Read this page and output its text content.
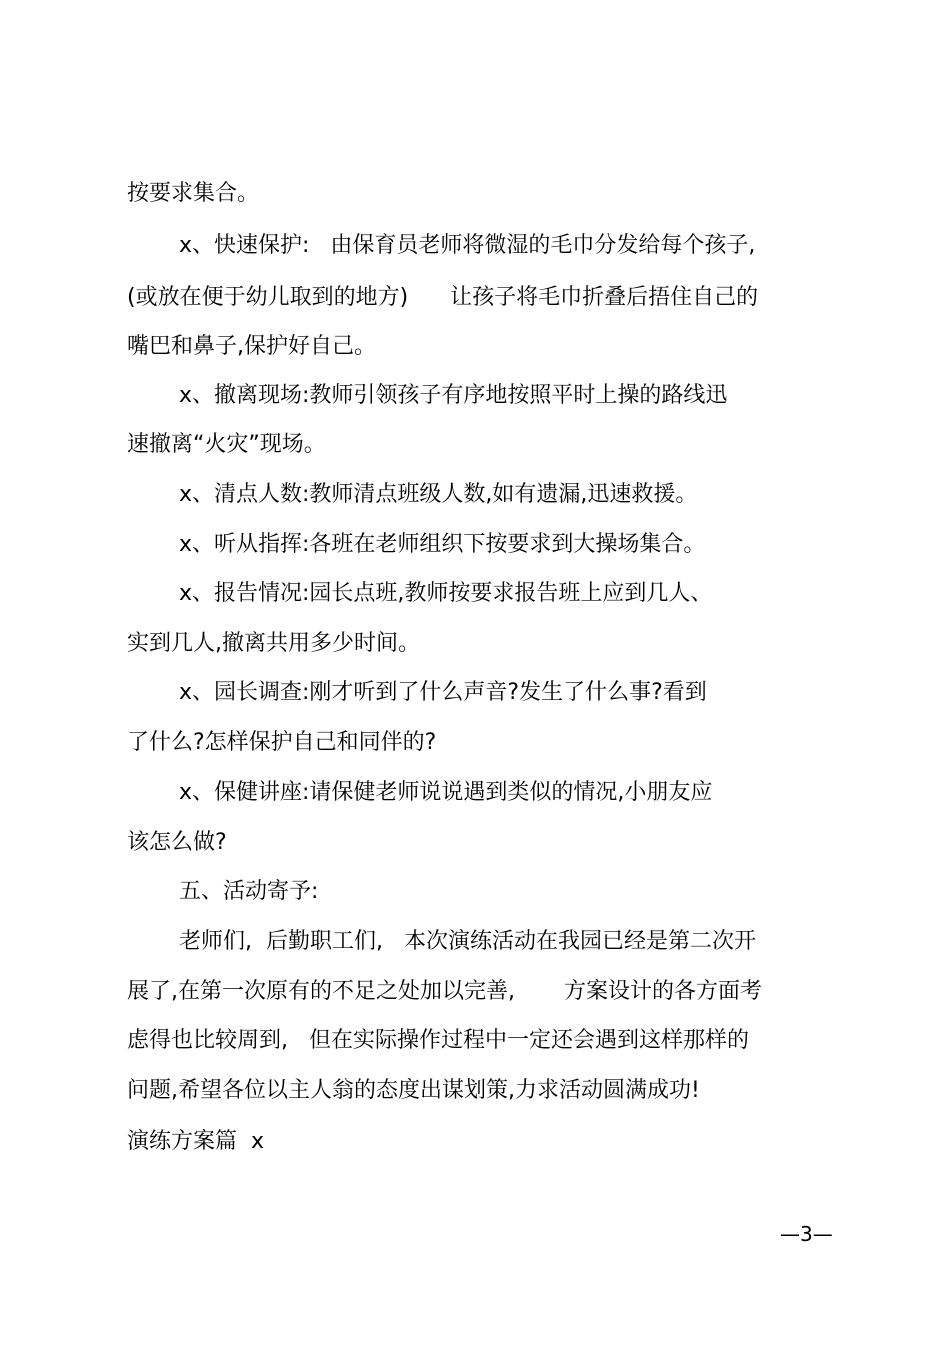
按要求集合。

x、快速保护:   由保育员老师将微湿的毛巾分发给每个孩子,

(或放在便于幼儿取到的地方)      让孩子将毛巾折叠后捂住自己的

嘴巴和鼻子,保护好自己。

x、撤离现场:教师引领孩子有序地按照平时上操的路线迅

速撤离“火灾”现场。

x、清点人数:教师清点班级人数,如有遗漏,迅速救援。

x、听从指挥:各班在老师组织下按要求到大操场集合。

x、报告情况:园长点班,教师按要求报告班上应到几人、

实到几人,撤离共用多少时间。

x、园长调查:刚才听到了什么声音?发生了什么事?看到

了什么?怎样保护自己和同伴的?

x、保健讲座:请保健老师说说遇到类似的情况,小朋友应

该怎么做?

五、活动寄予:

老师们,  后勤职工们,   本次演练活动在我园已经是第二次开

展了,在第一次原有的不足之处加以完善,       方案设计的各方面考

虑得也比较周到,   但在实际操作过程中一定还会遇到这样那样的

问题,希望各位以主人翁的态度出谋划策,力求活动圆满成功!

演练方案篇  x

—3—
